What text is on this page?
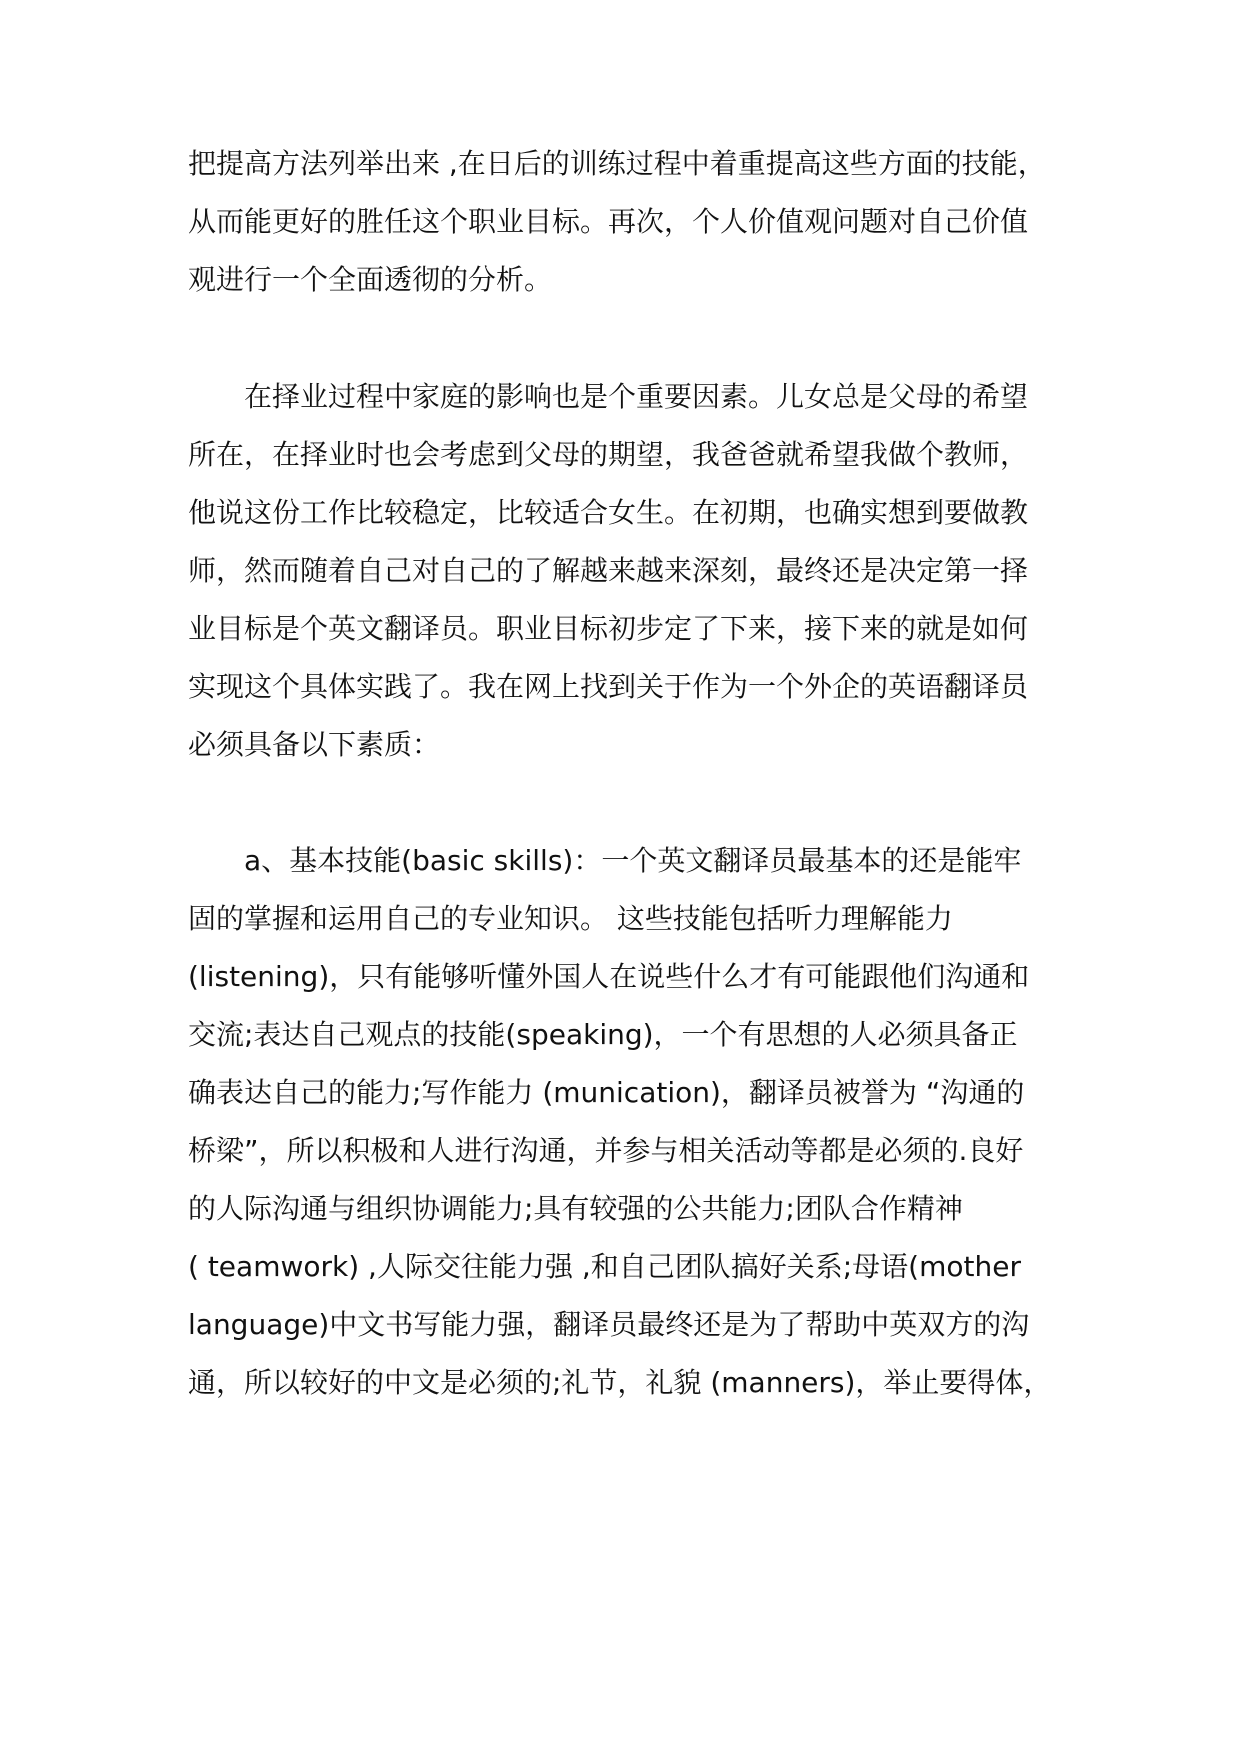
把提高方法列举出来 ,在日后的训练过程中着重提高这些方面的技能，
从而能更好的胜任这个职业目标。再次，个人价值观问题对自己价值
观进行一个全面透彻的分析。
在择业过程中家庭的影响也是个重要因素。儿女总是父母的希望
所在，在择业时也会考虑到父母的期望，我爸爸就希望我做个教师，
他说这份工作比较稳定，比较适合女生。在初期，也确实想到要做教
师，然而随着自己对自己的了解越来越来深刻，最终还是决定第一择
业目标是个英文翻译员。职业目标初步定了下来，接下来的就是如何
实现这个具体实践了。我在网上找到关于作为一个外企的英语翻译员
必须具备以下素质：
a、基本技能(basic skills)：一个英文翻译员最基本的还是能牢
固的掌握和运用自己的专业知识。 这些技能包括听力理解能力
(listening)，只有能够听懂外国人在说些什么才有可能跟他们沟通和
交流;表达自己观点的技能(speaking)，一个有思想的人必须具备正
确表达自己的能力;写作能力 (munication)，翻译员被誉为 “沟通的
桥梁”，所以积极和人进行沟通，并参与相关活动等都是必须的.良好
的人际沟通与组织协调能力;具有较强的公共能力;团队合作精神
( teamwork) ,人际交往能力强 ,和自己团队搞好关系;母语(mother
language)中文书写能力强，翻译员最终还是为了帮助中英双方的沟
通，所以较好的中文是必须的;礼节，礼貌 (manners)，举止要得体，
